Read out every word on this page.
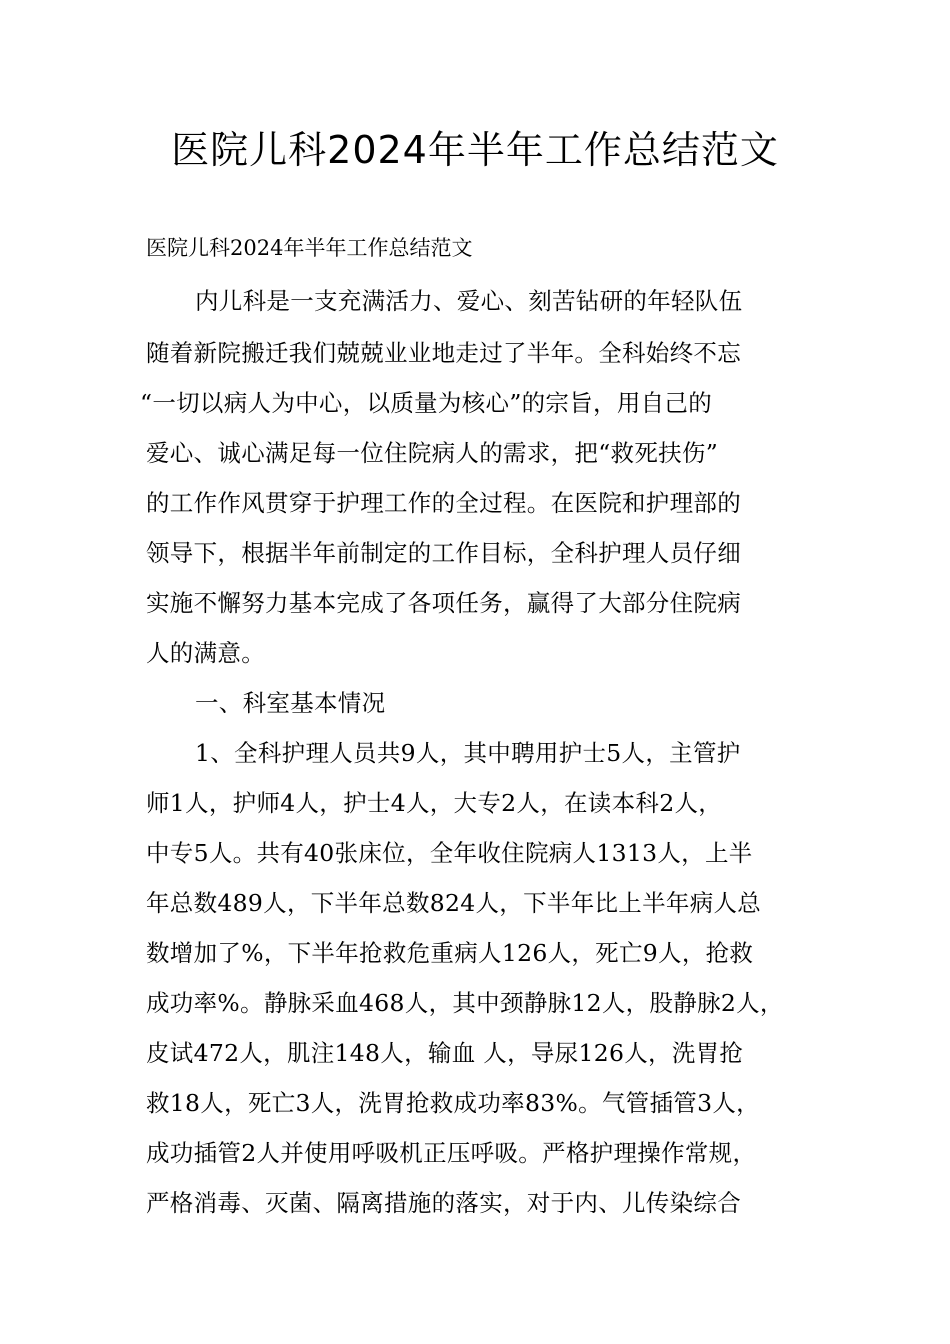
医院儿科2024年半年工作总结范文
医院儿科2024年半年工作总结范文
内儿科是一支充满活力、爱心、刻苦钻研的年轻队伍
随着新院搬迁我们兢兢业业地走过了半年。全科始终不忘
“一切以病人为中心，以质量为核心”的宗旨，用自己的
爱心、诚心满足每一位住院病人的需求，把“救死扶伤”
的工作作风贯穿于护理工作的全过程。在医院和护理部的
领导下，根据半年前制定的工作目标，全科护理人员仔细
实施不懈努力基本完成了各项任务，赢得了大部分住院病
人的满意。
一、科室基本情况
1、全科护理人员共9人，其中聘用护士5人，主管护
师1人，护师4人，护士4人，大专2人，在读本科2人，
中专5人。共有40张床位，全年收住院病人1313人，上半
年总数489人，下半年总数824人，下半年比上半年病人总
数增加了%，下半年抢救危重病人126人，死亡9人，抢救
成功率%。静脉采血468人，其中颈静脉12人，股静脉2人，
皮试472人，肌注148人，输血 人，导尿126人，洗胃抢
救18人，死亡3人，洗胃抢救成功率83%。气管插管3人，
成功插管2人并使用呼吸机正压呼吸。严格护理操作常规，
严格消毒、灭菌、隔离措施的落实，对于内、儿传染综合
